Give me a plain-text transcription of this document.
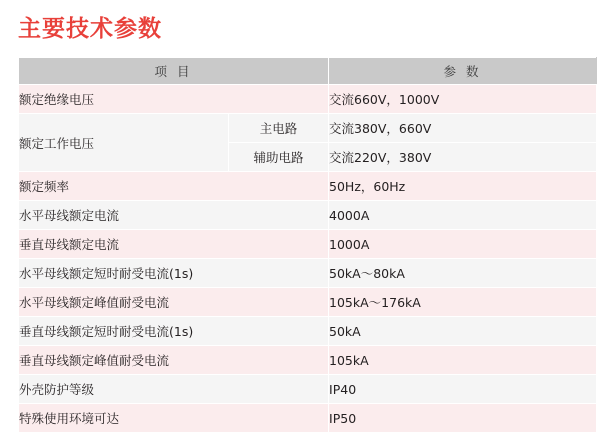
主要技术参数
项 目		参 数
额定绝缘电压		交流660V，1000V
额定工作电压	主电路	交流380V，660V
	辅助电路	交流220V，380V
额定频率		50Hz，60Hz
水平母线额定电流		4000A
垂直母线额定电流		1000A
水平母线额定短时耐受电流(1s)		50kA～80kA
水平母线额定峰值耐受电流		105kA～176kA
垂直母线额定短时耐受电流(1s)		50kA
垂直母线额定峰值耐受电流		105kA
外壳防护等级		IP40
特殊使用环境可达		IP50
